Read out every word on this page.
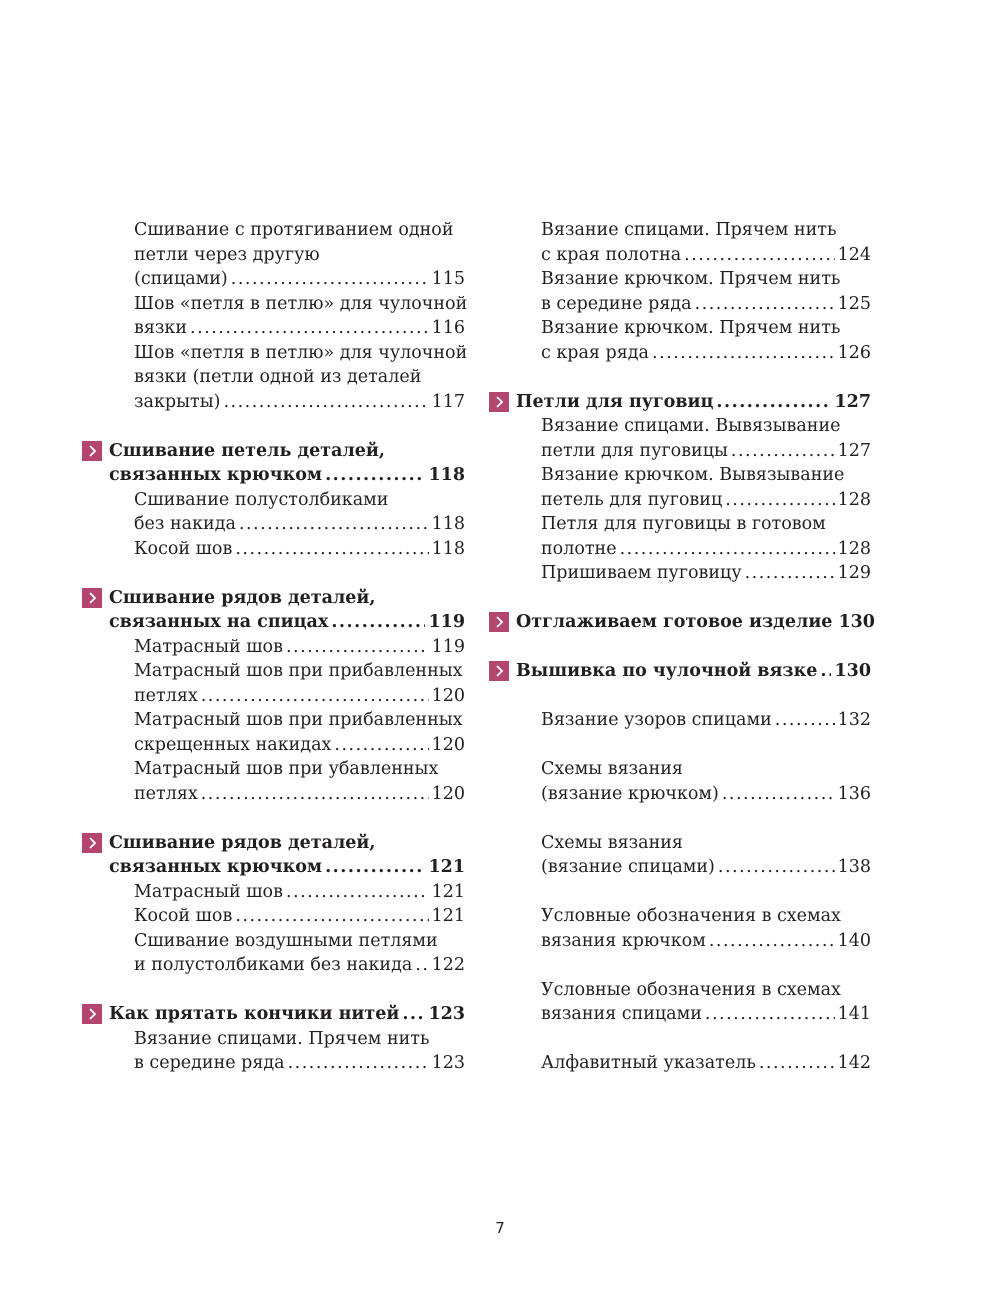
Сшивание с протягиванием одной
петли через другую
(спицами) .....	115
Шов «петля в петлю» для чулочной
вязки .....	116
Шов «петля в петлю» для чулочной
вязки (петли одной из деталей
закрыты) .....	117
Сшивание петель деталей,
связанных крючком .....	118
Сшивание полустолбиками
без накида .....	118
Косой шов .....	118
Сшивание рядов деталей,
связанных на спицах .....	119
Матрасный шов .....	119
Матрасный шов при прибавленных
петлях .....	120
Матрасный шов при прибавленных
скрещенных накидах .....	120
Матрасный шов при убавленных
петлях .....	120
Сшивание рядов деталей,
связанных крючком .....	121
Матрасный шов .....	121
Косой шов .....	121
Сшивание воздушными петлями
и полустолбиками без накида ..... 122
Как прятать кончики нитей ..... 123
Вязание спицами. Прячем нить
в середине ряда .....	123
Вязание спицами. Прячем нить
с края полотна .....	124
Вязание крючком. Прячем нить
в середине ряда .....	125
Вязание крючком. Прячем нить
с края ряда .....	126
Петли для пуговиц .....	127
Вязание спицами. Вывязывание
петли для пуговицы .....	127
Вязание крючком. Вывязывание
петель для пуговиц .....	128
Петля для пуговицы в готовом
полотне .....	128
Пришиваем пуговицу .....	129
Отглаживаем готовое изделие 130
Вышивка по чулочной вязке ..... 130
Вязание узоров спицами .....	132
Схемы вязания
(вязание крючком) .....	136
Схемы вязания
(вязание спицами) .....	138
Условные обозначения в схемах
вязания крючком .....	140
Условные обозначения в схемах
вязания спицами .....	141
Алфавитный указатель .....	142
7
